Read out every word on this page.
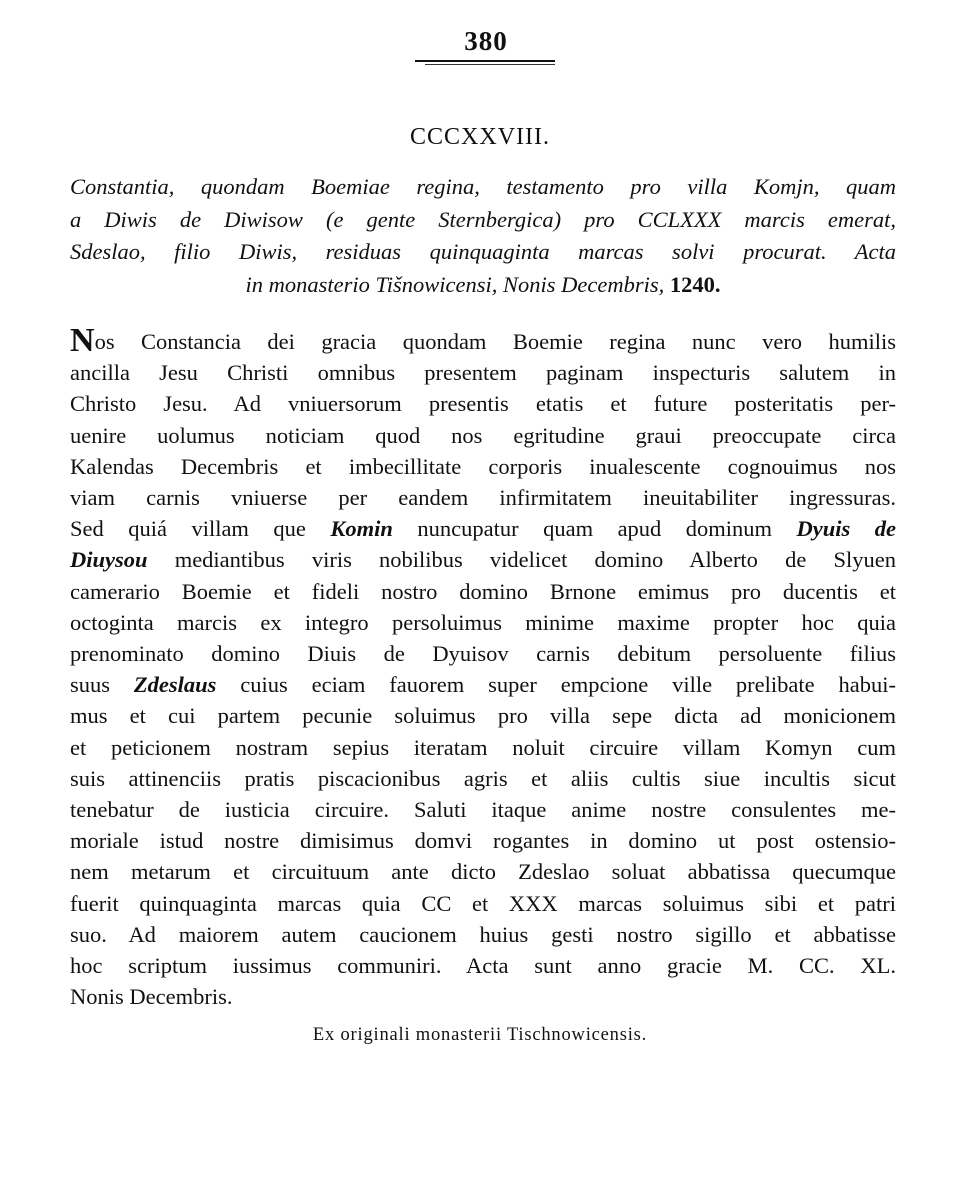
380
CCCXXVIII.
Constantia, quondam Boemiae regina, testamento pro villa Komjn, quam
a Diwis de Diwisow (e gente Sternbergica) pro CCLXXX marcis emerat,
Sdeslao, filio Diwis, residuas quinquaginta marcas solvi procurat. Acta
in monasterio Tišnowicensi, Nonis Decembris, 1240.
Nos Constancia dei gracia quondam Boemie regina nunc vero humilis
ancilla Jesu Christi omnibus presentem paginam inspecturis salutem in
Christo Jesu. Ad vniuersorum presentis etatis et future posteritatis per-
uenire uolumus noticiam quod nos egritudine graui preoccupate circa
Kalendas Decembris et imbecillitate corporis inualescente cognouimus nos
viam carnis vniuerse per eandem infirmitatem ineuitabiliter ingressuras.
Sed quiá villam que Komin nuncupatur quam apud dominum Dyuis de
Diuysou mediantibus viris nobilibus videlicet domino Alberto de Slyuen
camerario Boemie et fideli nostro domino Brnone emimus pro ducentis et
octoginta marcis ex integro persoluimus minime maxime propter hoc quia
prenominato domino Diuis de Dyuisov carnis debitum persoluente filius
suus Zdeslaus cuius eciam fauorem super empcione ville prelibate habui-
mus et cui partem pecunie soluimus pro villa sepe dicta ad monicionem
et peticionem nostram sepius iteratam noluit circuire villam Komyn cum
suis attinenciis pratis piscacionibus agris et aliis cultis siue incultis sicut
tenebatur de iusticia circuire. Saluti itaque anime nostre consulentes me-
moriale istud nostre dimisimus domvi rogantes in domino ut post ostensio-
nem metarum et circuituum ante dicto Zdeslao soluat abbatissa quecumque
fuerit quinquaginta marcas quia CC et XXX marcas soluimus sibi et patri
suo. Ad maiorem autem caucionem huius gesti nostro sigillo et abbatisse
hoc scriptum iussimus communiri. Acta sunt anno gracie M. CC. XL.
Nonis Decembris.
Ex originali monasterii Tischnowicensis.
